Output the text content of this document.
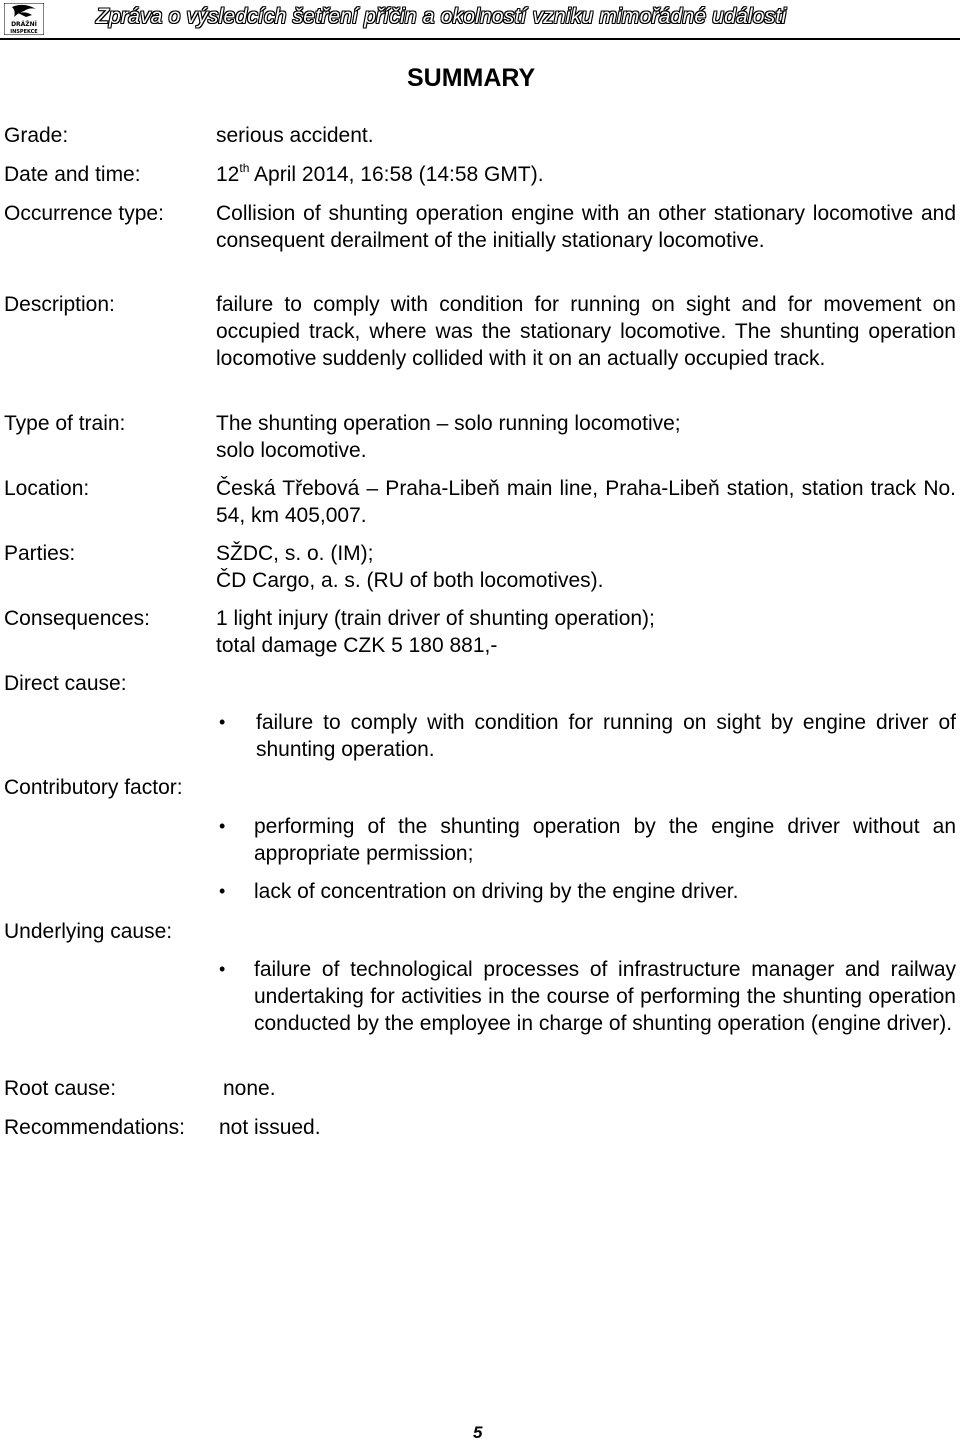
DRÁŽNÍ
INSPEKCE
Zpráva o výsledcích šetření příčin a okolností vzniku mimořádné události
SUMMARY
Grade:	serious accident.
Date and time:	12th April 2014, 16:58 (14:58 GMT).
Occurrence type: Collision of shunting operation engine with an other stationary locomotive and consequent derailment of the initially stationary locomotive.
Description:	failure to comply with condition for running on sight and for movement on occupied track, where was the stationary locomotive. The shunting operation locomotive suddenly collided with it on an actually occupied track.
Type of train:	The shunting operation – solo running locomotive;
solo locomotive.
Location:	Česká Třebová – Praha-Libeň main line, Praha-Libeň station, station track No. 54, km 405,007.
Parties:	SŽDC, s. o. (IM);
ČD Cargo, a. s. (RU of both locomotives).
Consequences:	1 light injury (train driver of shunting operation);
total damage CZK 5 180 881,-
Direct cause:
• failure to comply with condition for running on sight by engine driver of shunting operation.
Contributory factor:
• performing of the shunting operation by the engine driver without an appropriate permission;
• lack of concentration on driving by the engine driver.
Underlying cause:
• failure of technological processes of infrastructure manager and railway undertaking for activities in the course of performing the shunting operation conducted by the employee in charge of shunting operation (engine driver).
Root cause:	none.
Recommendations: not issued.
5
